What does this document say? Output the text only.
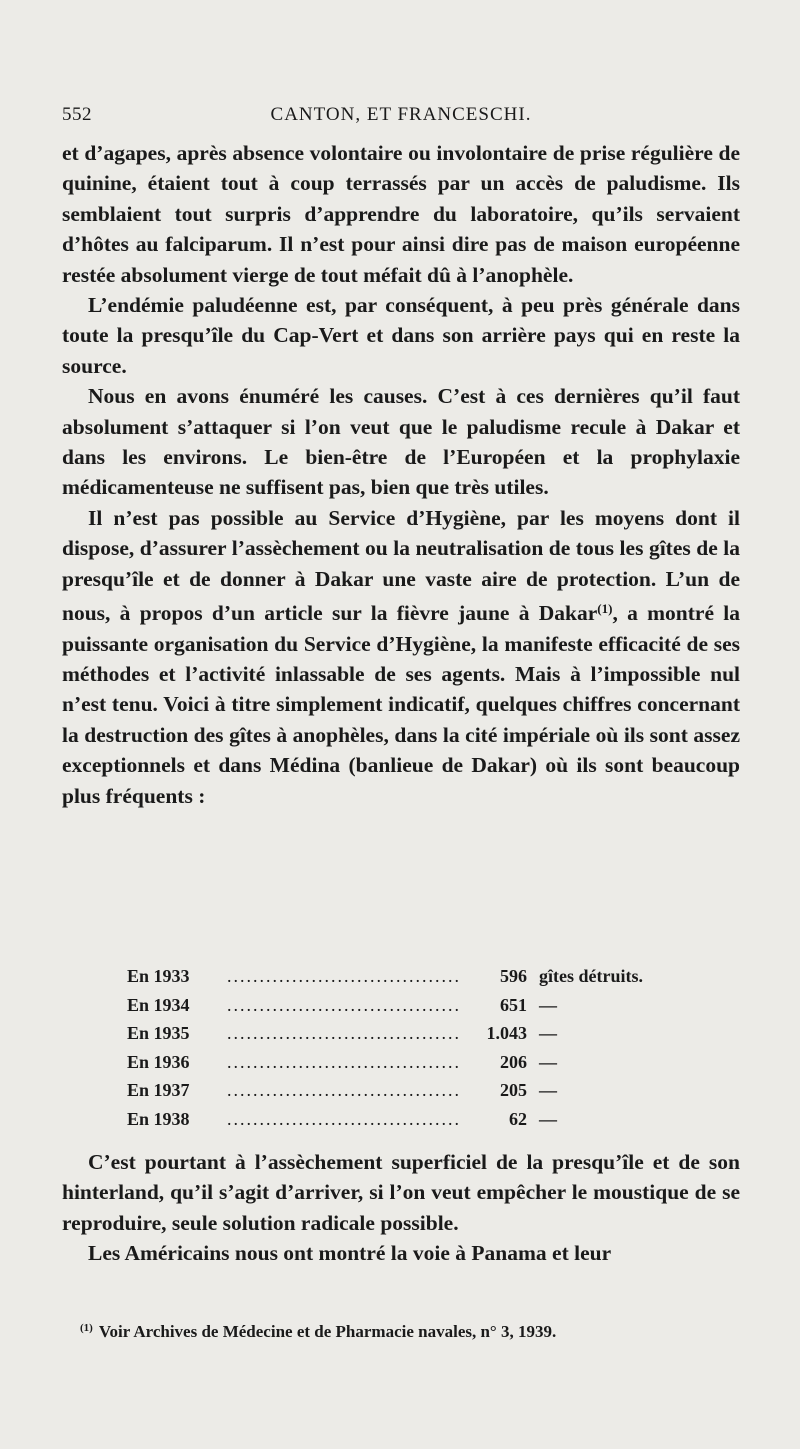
552	CANTON, ET FRANCESCHI.

et d’agapes, après absence volontaire ou involontaire de prise régulière de quinine, étaient tout à coup terrassés par un accès de paludisme. Ils semblaient tout surpris d’apprendre du laboratoire, qu’ils servaient d’hôtes au falciparum. Il n’est pour ainsi dire pas de maison européenne restée absolument vierge de tout méfait dû à l’anophèle.

L’endémie paludéenne est, par conséquent, à peu près générale dans toute la presqu’île du Cap-Vert et dans son arrière pays qui en reste la source.

Nous en avons énuméré les causes. C’est à ces dernières qu’il faut absolument s’attaquer si l’on veut que le paludisme recule à Dakar et dans les environs. Le bien-être de l’Européen et la prophylaxie médicamenteuse ne suffisent pas, bien que très utiles.

Il n’est pas possible au Service d’Hygiène, par les moyens dont il dispose, d’assurer l’assèchement ou la neutralisation de tous les gîtes de la presqu’île et de donner à Dakar une vaste aire de protection. L’un de nous, à propos d’un article sur la fièvre jaune à Dakar$^{(1)}$, a montré la puissante organisation du Service d’Hygiène, la manifeste efficacité de ses méthodes et l’activité inlassable de ses agents. Mais à l’impossible nul n’est tenu. Voici à titre simplement indicatif, quelques chiffres concernant la destruction des gîtes à anophèles, dans la cité impériale où ils sont assez exceptionnels et dans Médina (banlieue de Dakar) où ils sont beaucoup plus fréquents :

En 1933 ....................................	596 gîtes détruits.
En 1934 ....................................	651 —
En 1935 ....................................	1.043 —
En 1936 ....................................	206 —
En 1937 ....................................	205 —
En 1938 ....................................	62 —

C’est pourtant à l’assèchement superficiel de la presqu’île et de son hinterland, qu’il s’agit d’arriver, si l’on veut empêcher le moustique de se reproduire, seule solution radicale possible.

Les Américains nous ont montré la voie à Panama et leur

$^{(1)}$ Voir Archives de Médecine et de Pharmacie navales, n° 3, 1939.
